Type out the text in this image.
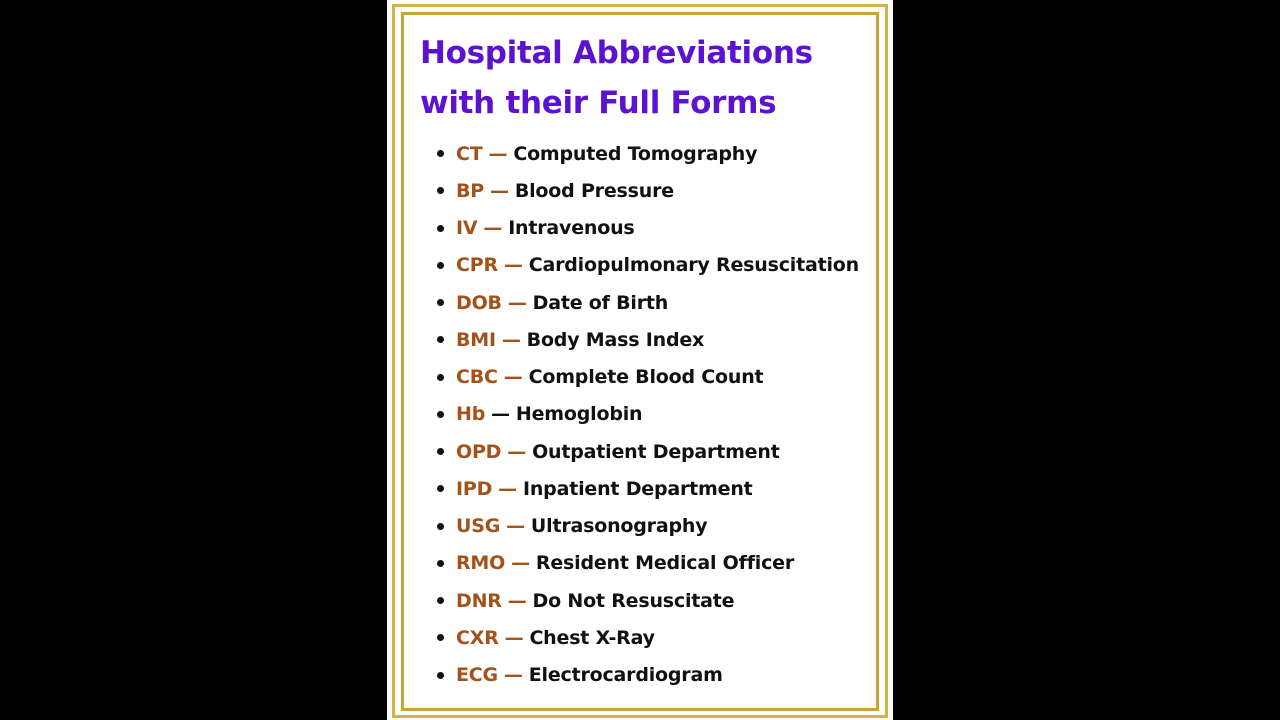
Hospital Abbreviations
with their Full Forms
CT — Computed Tomography
BP — Blood Pressure
IV — Intravenous
CPR — Cardiopulmonary Resuscitation
DOB — Date of Birth
BMI — Body Mass Index
CBC — Complete Blood Count
Hb — Hemoglobin
OPD — Outpatient Department
IPD — Inpatient Department
USG — Ultrasonography
RMO — Resident Medical Officer
DNR — Do Not Resuscitate
CXR — Chest X-Ray
ECG — Electrocardiogram
